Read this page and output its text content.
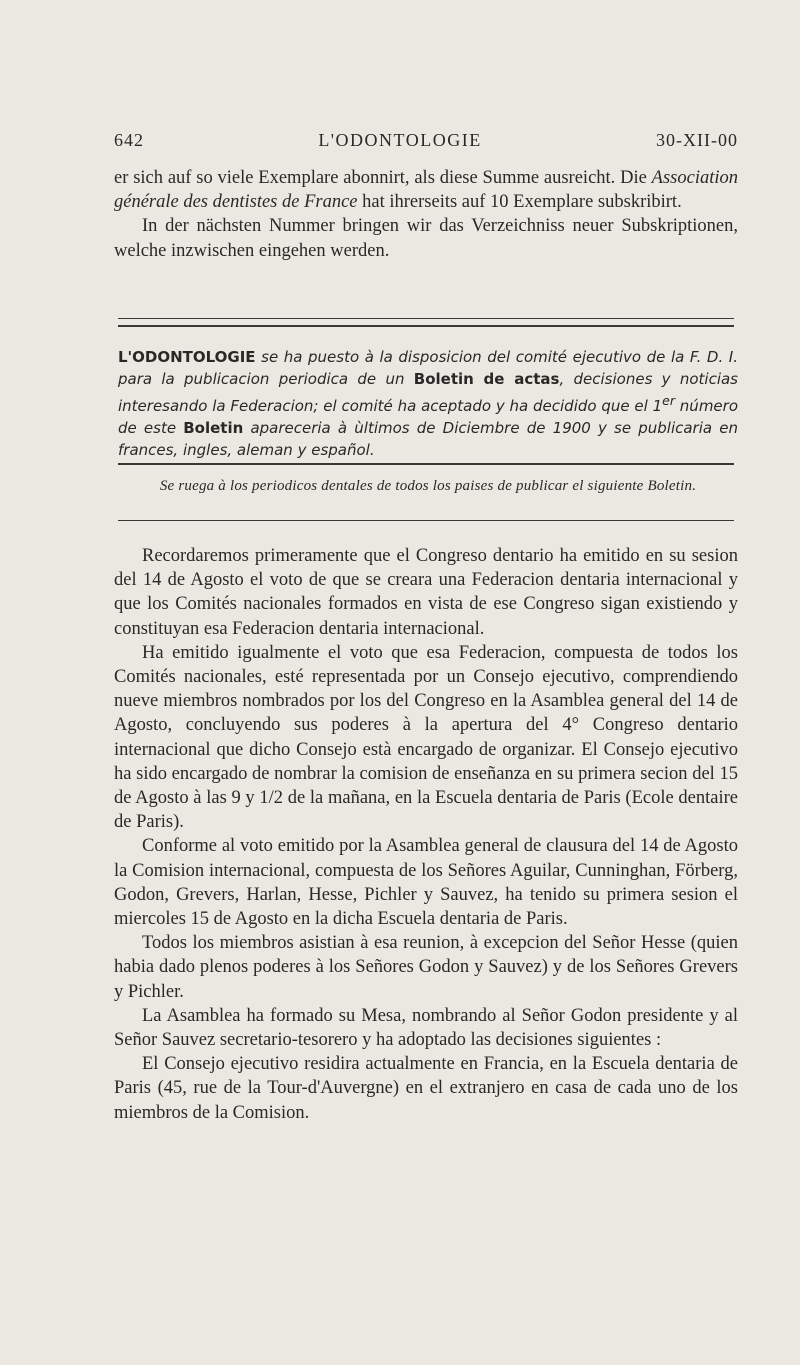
642	L'ODONTOLOGIE	30-XII-00

er sich auf so viele Exemplare abonnirt, als diese Summe ausreicht. Die Association générale des dentistes de France hat ihrerseits auf 10 Exemplare subskribirt.

In der nächsten Nummer bringen wir das Verzeichniss neuer Subskriptionen, welche inzwischen eingehen werden.

L'ODONTOLOGIE se ha puesto à la disposicion del comité ejecutivo de la F. D. I. para la publicacion periodica de un Boletin de actas, decisiones y noticias interesando la Federacion; el comité ha aceptado y ha decidido que el 1er número de este Boletin apareceria à ùltimos de Diciembre de 1900 y se publicaria en frances, ingles, aleman y español.
Se ruega à los periodicos dentales de todos los paises de publicar el siguiente Boletin.

Recordaremos primeramente que el Congreso dentario ha emitido en su sesion del 14 de Agosto el voto de que se creara una Federacion dentaria internacional y que los Comités nacionales formados en vista de ese Congreso sigan existiendo y constituyan esa Federacion dentaria internacional.

Ha emitido igualmente el voto que esa Federacion, compuesta de todos los Comités nacionales, esté representada por un Consejo ejecutivo, comprendiendo nueve miembros nombrados por los del Congreso en la Asamblea general del 14 de Agosto, concluyendo sus poderes à la apertura del 4° Congreso dentario internacional que dicho Consejo està encargado de organizar. El Consejo ejecutivo ha sido encargado de nombrar la comision de enseñanza en su primera secion del 15 de Agosto à las 9 y 1/2 de la mañana, en la Escuela dentaria de Paris (Ecole dentaire de Paris).

Conforme al voto emitido por la Asamblea general de clausura del 14 de Agosto la Comision internacional, compuesta de los Señores Aguilar, Cunninghan, Förberg, Godon, Grevers, Harlan, Hesse, Pichler y Sauvez, ha tenido su primera sesion el miercoles 15 de Agosto en la dicha Escuela dentaria de Paris.

Todos los miembros asistian à esa reunion, à excepcion del Señor Hesse (quien habia dado plenos poderes à los Señores Godon y Sauvez) y de los Señores Grevers y Pichler.

La Asamblea ha formado su Mesa, nombrando al Señor Godon presidente y al Señor Sauvez secretario-tesorero y ha adoptado las decisiones siguientes :

El Consejo ejecutivo residira actualmente en Francia, en la Escuela dentaria de Paris (45, rue de la Tour-d'Auvergne) en el extranjero en casa de cada uno de los miembros de la Comision.
